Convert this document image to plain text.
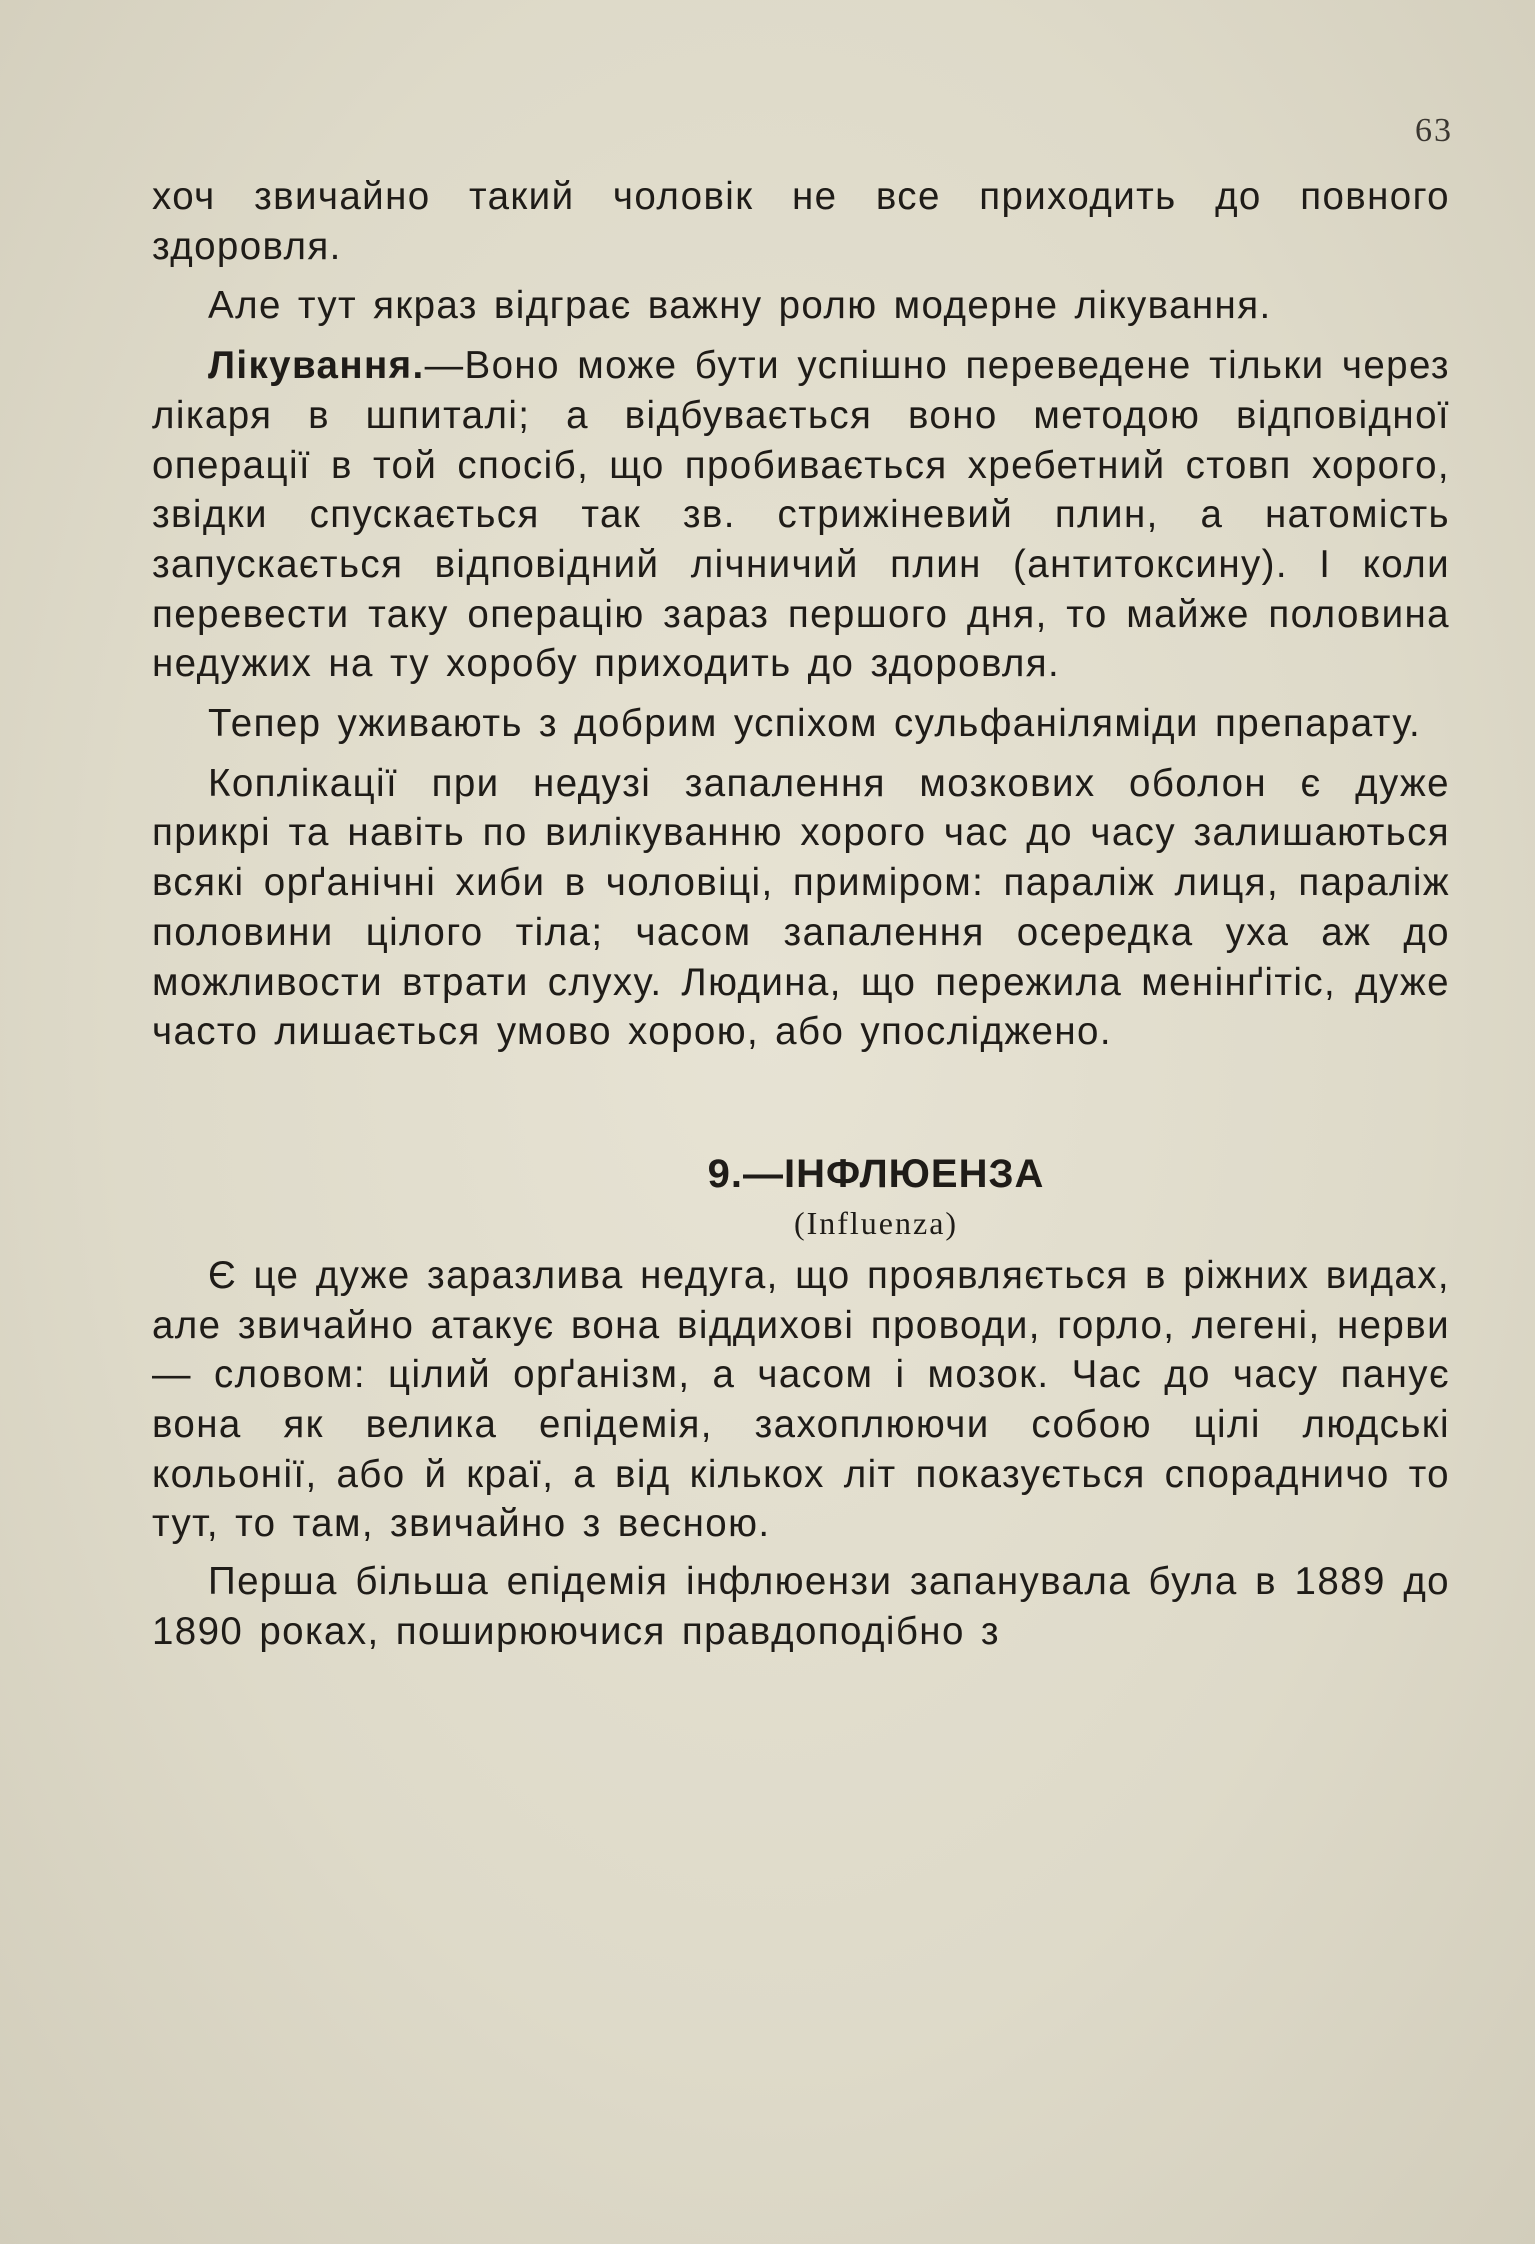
63

хоч звичайно такий чоловік не все приходить до повного здоровля.

Але тут якраз відграє важну ролю модерне лікування.

Лікування.—Воно може бути успішно переведене тільки через лікаря в шпиталі; а відбувається воно методою відповідної операції в той спосіб, що пробивається хребетний стовп хорого, звідки спускається так зв. стрижіневий плин, а натомість запускається відповідний лічничий плин (антитоксину). І коли перевести таку операцію зараз першого дня, то майже половина недужих на ту хоробу приходить до здоровля.

Тепер уживають з добрим успіхом сульфаніляміди препарату.

Коплікації при недузі запалення мозкових оболон є дуже прикрі та навіть по вилікуванню хорого час до часу залишаються всякі орґанічні хиби в чоловіці, приміром: параліж лиця, параліж половини цілого тіла; часом запалення осередка уха аж до можливости втрати слуху. Людина, що пережила менінґітіс, дуже часто лишається умово хорою, або упосліджено.

9.—ІНФЛЮЕНЗА
(Influenza)

Є це дуже заразлива недуга, що проявляється в ріжних видах, але звичайно атакує вона віддихові проводи, горло, легені, нерви— словом: цілий орґанізм, а часом і мозок. Час до часу панує вона як велика епідемія, захоплюючи собою цілі людські кольонії, або й краї, а від кількох літ показується спорадничо то тут, то там, звичайно з весною.

Перша більша епідемія інфлюензи запанувала була в 1889 до 1890 роках, поширюючися правдоподібно з
